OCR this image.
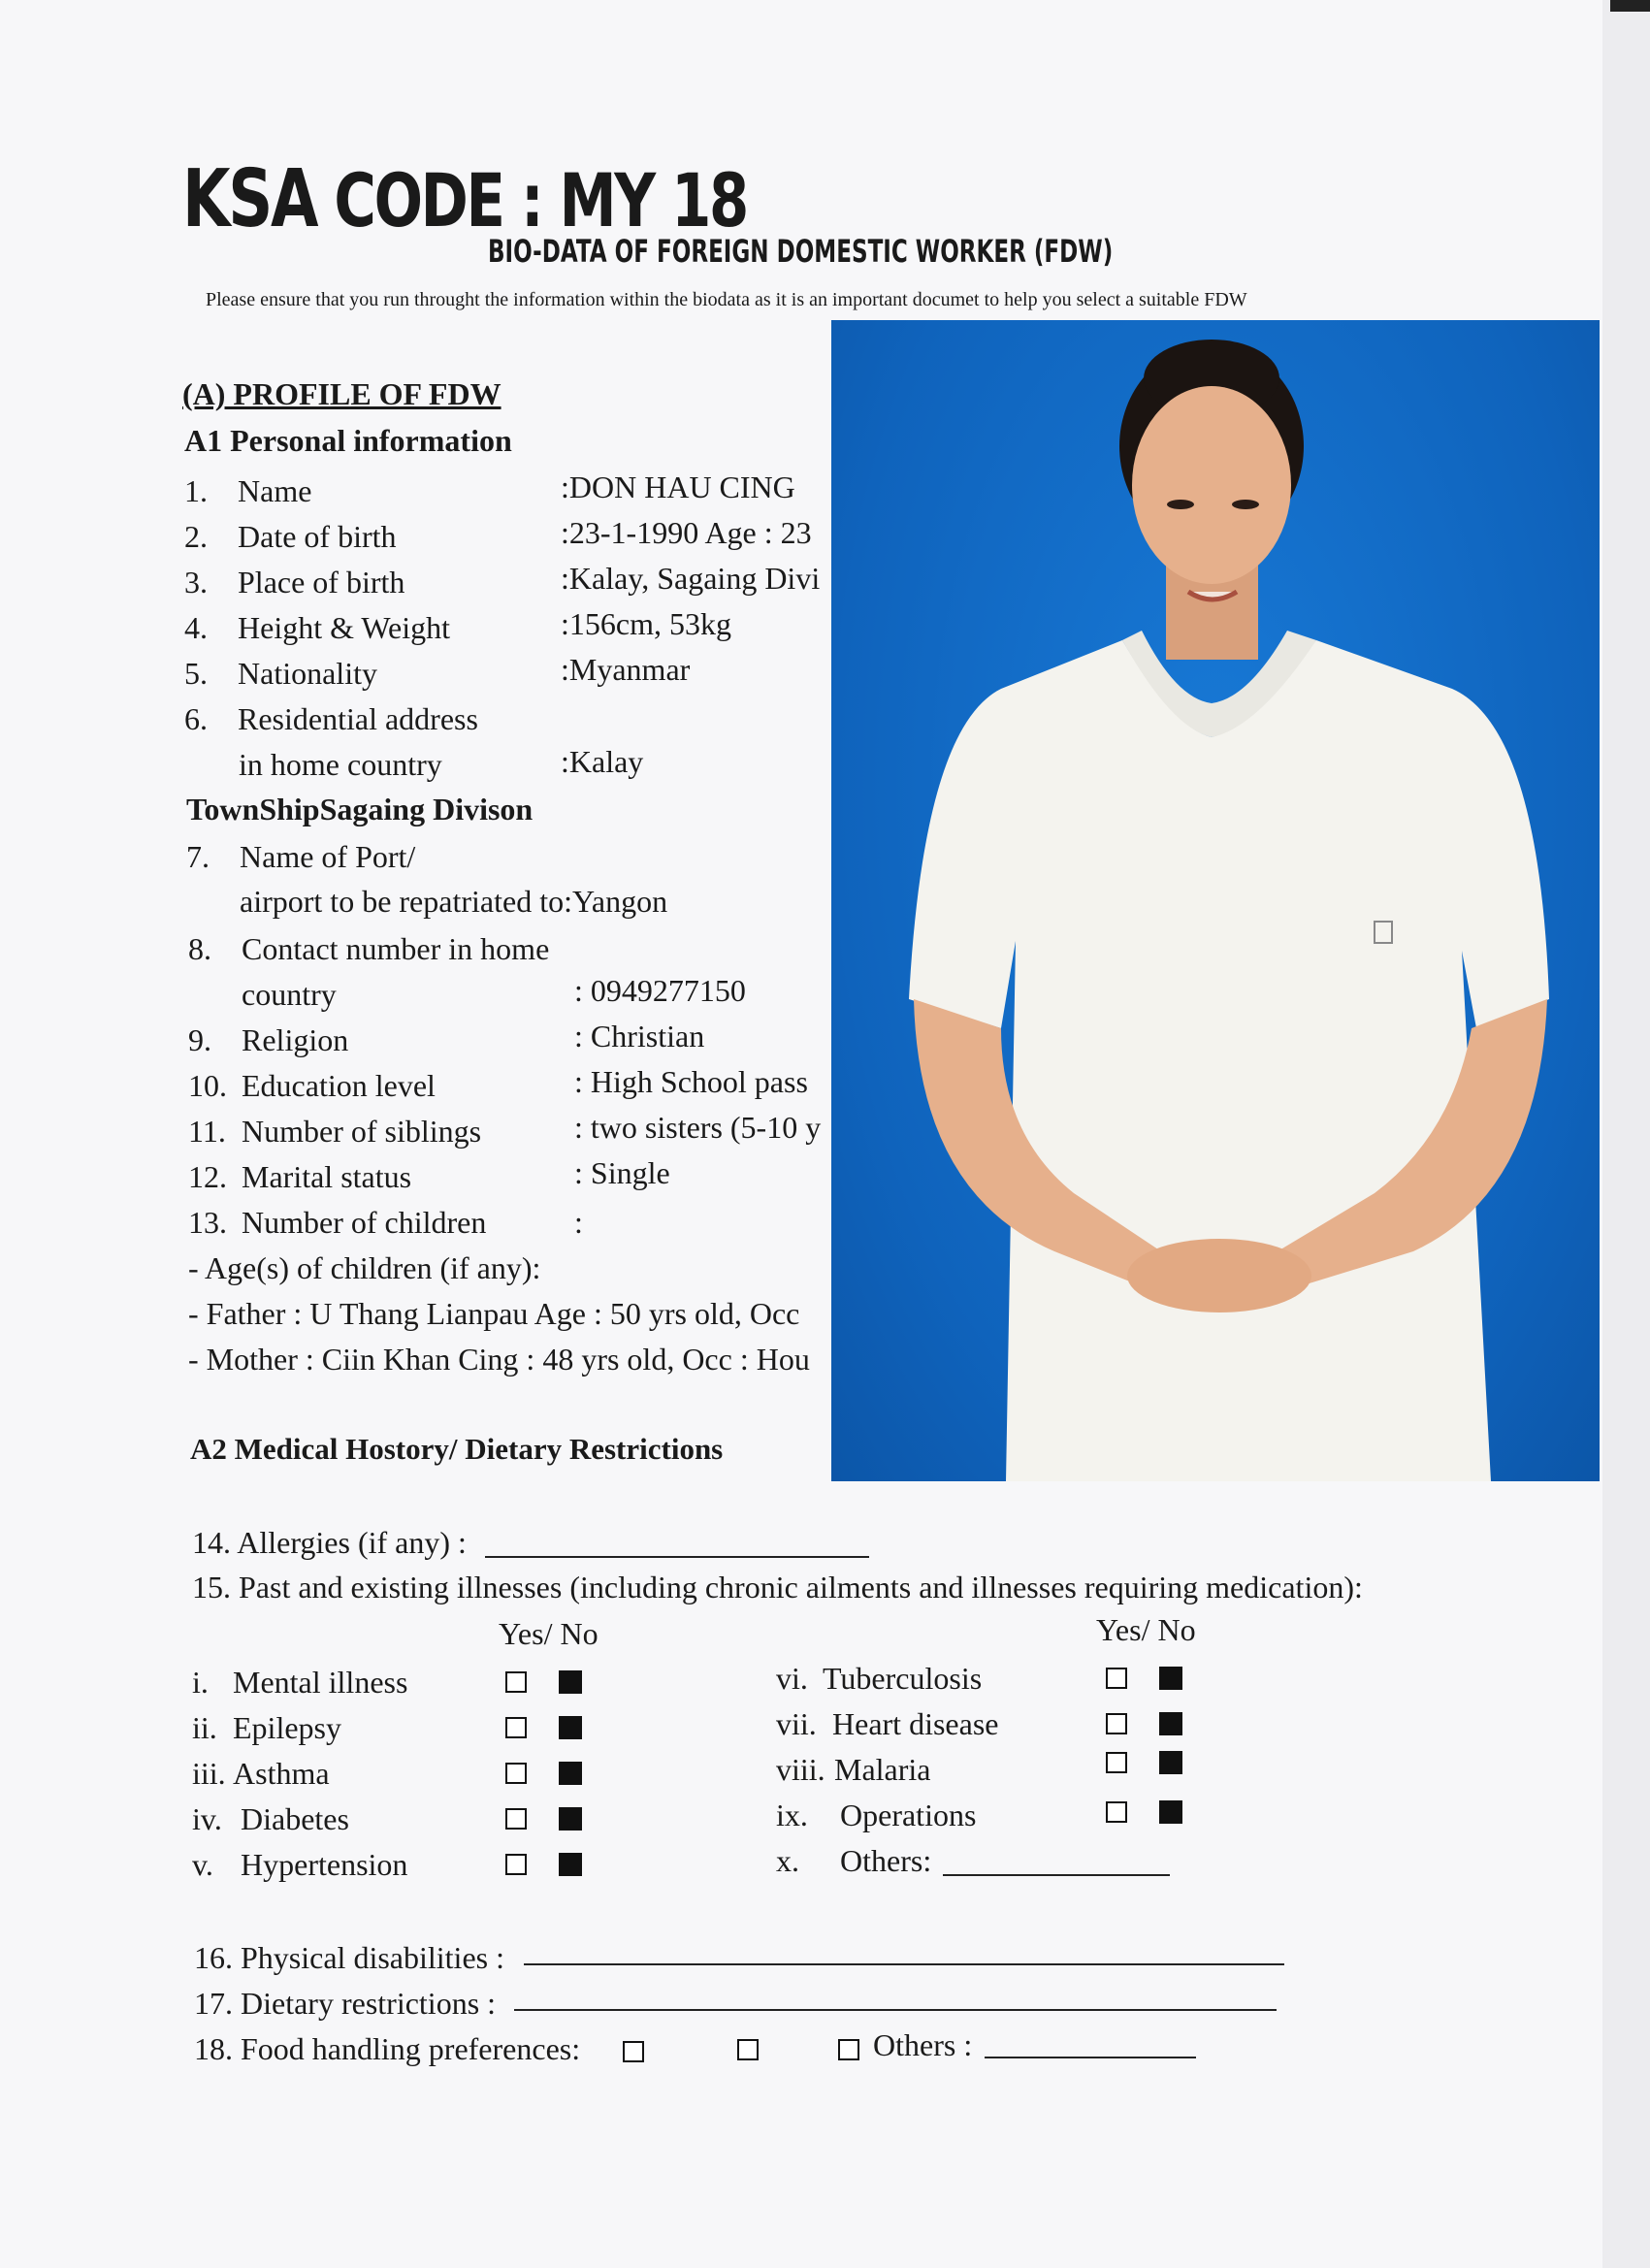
KSA CODE : MY 18
BIO-DATA OF FOREIGN DOMESTIC WORKER (FDW)
Please ensure that you run throught the information within the biodata as it is an important documet to help you select a suitable FDW
(A) PROFILE OF FDW
A1 Personal information
1. Name	:DON HAU CING
2. Date of birth	:23-1-1990 Age : 23
3. Place of birth	:Kalay, Sagaing Divi
4. Height & Weight	:156cm, 53kg
5. Nationality	:Myanmar
6. Residential address
in home country	:Kalay
TownShipSagaing Divison
7. Name of Port/
airport to be repatriated to:Yangon
8. Contact number in home
country	: 0949277150
9. Religion	: Christian
10. Education level	: High School pass
11. Number of siblings	: two sisters (5-10 y
12. Marital status	: Single
13. Number of children	:
- Age(s) of children (if any):
- Father : U Thang Lianpau Age : 50 yrs old, Occ
- Mother : Ciin Khan Cing : 48 yrs old, Occ : Hou
A2 Medical Hostory/ Dietary Restrictions
14. Allergies (if any) :
15. Past and existing illnesses (including chronic ailments and illnesses requiring medication):
Yes/ No	Yes/ No
i. Mental illness
ii. Epilepsy
iii. Asthma
iv. Diabetes
v. Hypertension
vi. Tuberculosis
vii. Heart disease
viii. Malaria
ix. Operations
x. Others:
16. Physical disabilities :
17. Dietary restrictions :
18. Food handling preferences:	Others :
